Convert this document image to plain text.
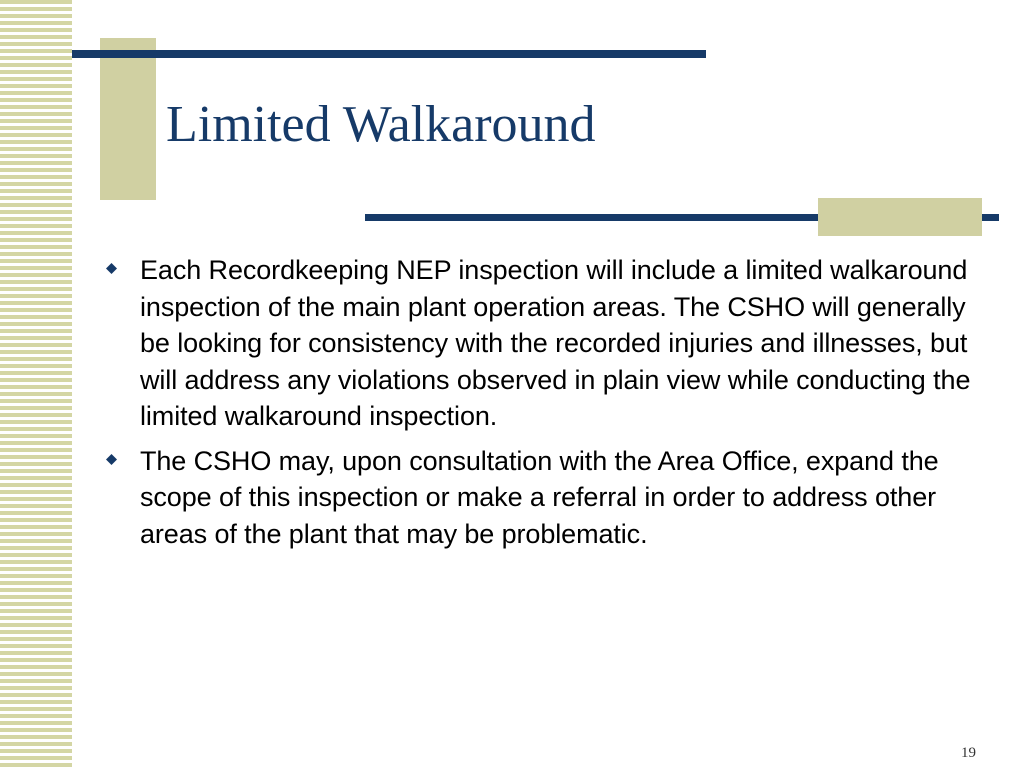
Limited Walkaround
Each Recordkeeping NEP inspection will include a limited walkaround inspection of the main plant operation areas. The CSHO will generally be looking for consistency with the recorded injuries and illnesses, but will address any violations observed in plain view while conducting the limited walkaround inspection.
The CSHO may, upon consultation with the Area Office, expand the scope of this inspection or make a referral in order to address other areas of the plant that may be problematic.
19
